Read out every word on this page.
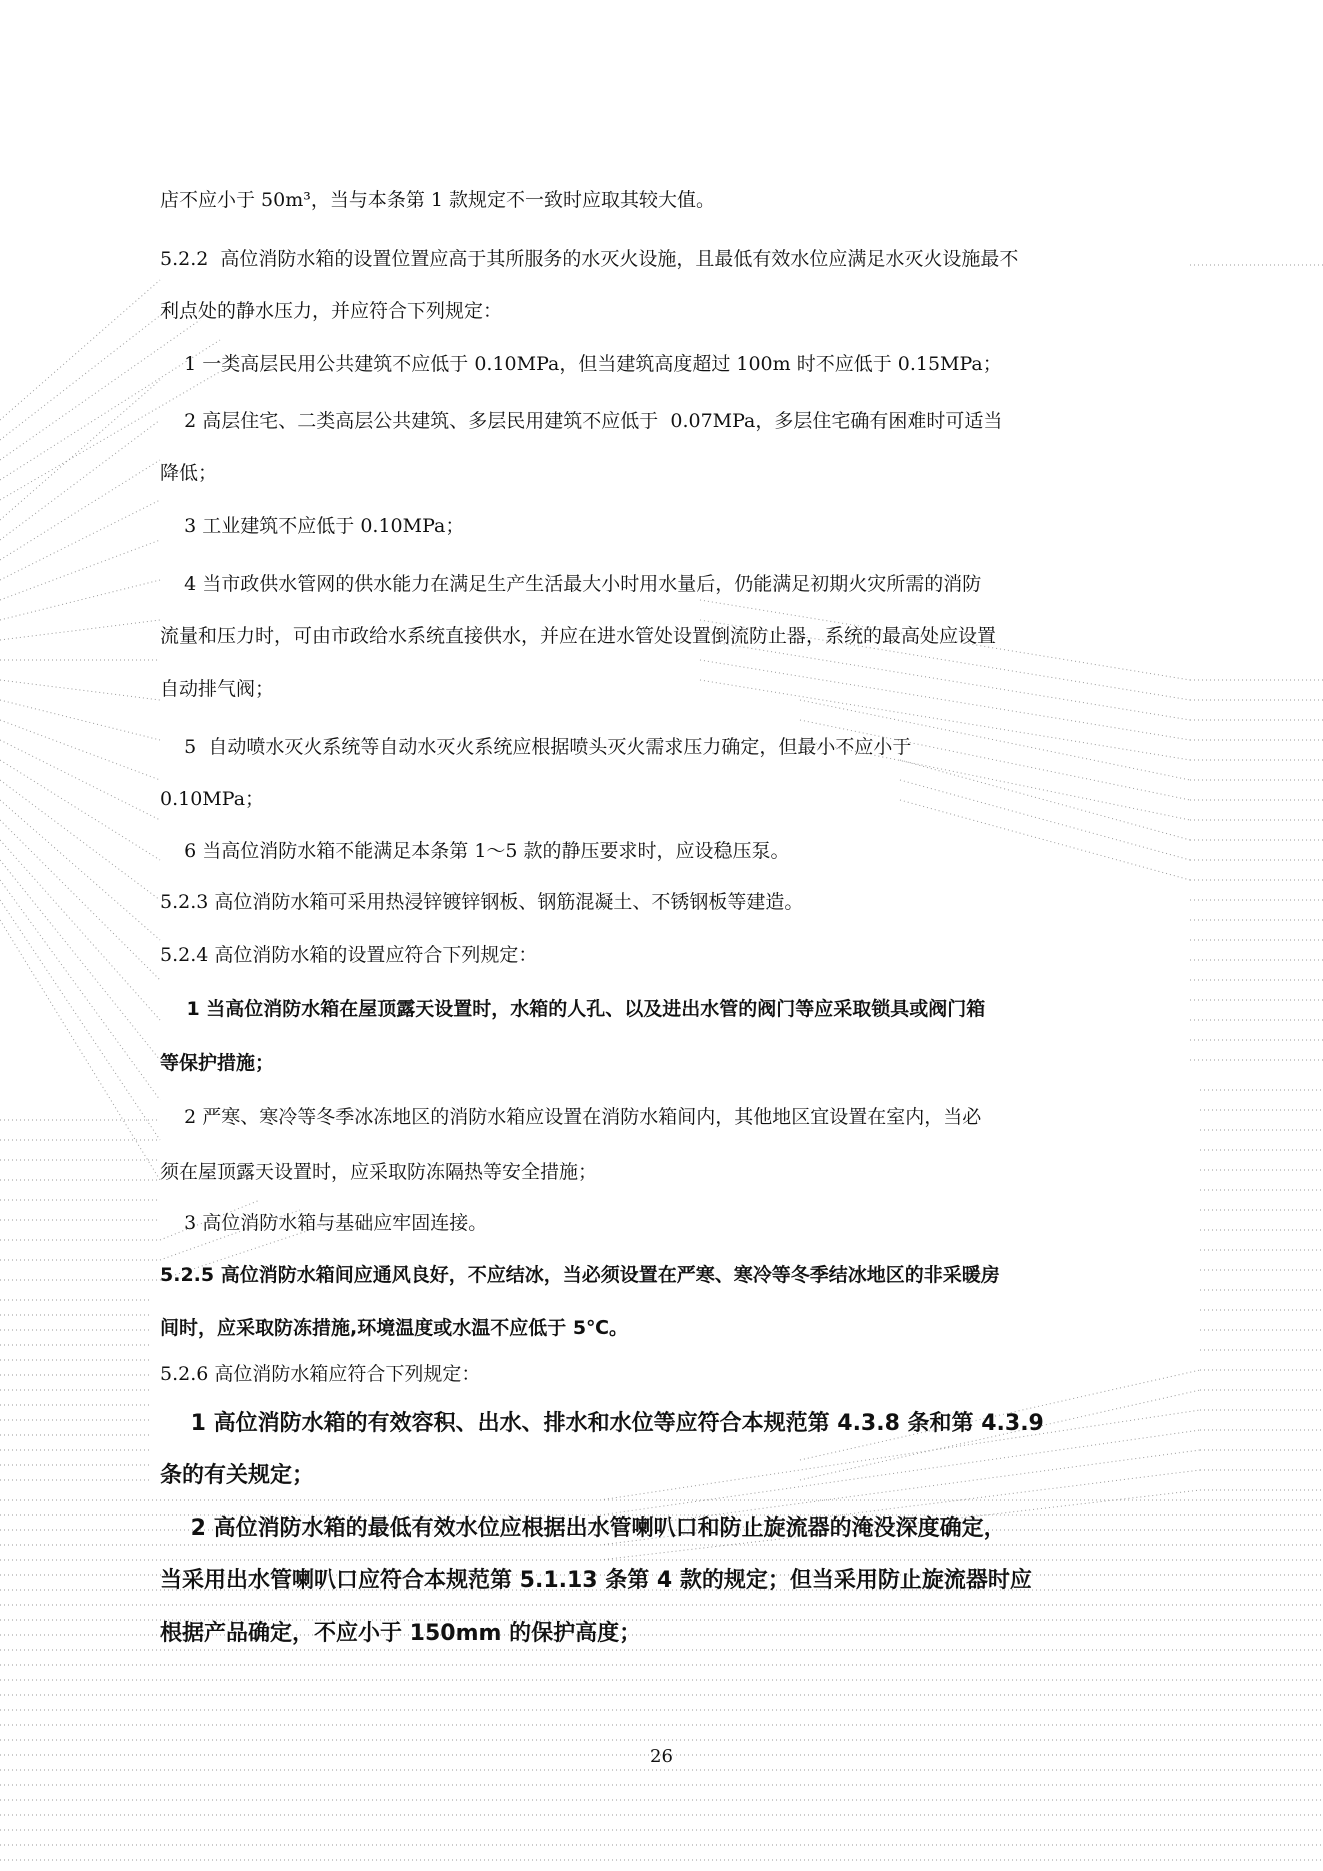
店不应小于 50m³，当与本条第 1 款规定不一致时应取其较大值。

5.2.2  高位消防水箱的设置位置应高于其所服务的水灭火设施，且最低有效水位应满足水灭火设施最不

利点处的静水压力，并应符合下列规定：

1 一类高层民用公共建筑不应低于 0.10MPa，但当建筑高度超过 100m 时不应低于 0.15MPa；

2 高层住宅、二类高层公共建筑、多层民用建筑不应低于  0.07MPa，多层住宅确有困难时可适当

降低；

3 工业建筑不应低于 0.10MPa；

4 当市政供水管网的供水能力在满足生产生活最大小时用水量后，仍能满足初期火灾所需的消防

流量和压力时，可由市政给水系统直接供水，并应在进水管处设置倒流防止器，系统的最高处应设置

自动排气阀；

5  自动喷水灭火系统等自动水灭火系统应根据喷头灭火需求压力确定，但最小不应小于

0.10MPa；

6 当高位消防水箱不能满足本条第 1～5 款的静压要求时，应设稳压泵。

5.2.3 高位消防水箱可采用热浸锌镀锌钢板、钢筋混凝土、不锈钢板等建造。

5.2.4 高位消防水箱的设置应符合下列规定：

1 当高位消防水箱在屋顶露天设置时，水箱的人孔、以及进出水管的阀门等应采取锁具或阀门箱

等保护措施；

2 严寒、寒冷等冬季冰冻地区的消防水箱应设置在消防水箱间内，其他地区宜设置在室内，当必

须在屋顶露天设置时，应采取防冻隔热等安全措施；

3 高位消防水箱与基础应牢固连接。

5.2.5 高位消防水箱间应通风良好，不应结冰，当必须设置在严寒、寒冷等冬季结冰地区的非采暖房

间时，应采取防冻措施,环境温度或水温不应低于 5℃。

5.2.6 高位消防水箱应符合下列规定：

1 高位消防水箱的有效容积、出水、排水和水位等应符合本规范第 4.3.8 条和第 4.3.9

条的有关规定；

2 高位消防水箱的最低有效水位应根据出水管喇叭口和防止旋流器的淹没深度确定，

当采用出水管喇叭口应符合本规范第 5.1.13 条第 4 款的规定；但当采用防止旋流器时应

根据产品确定，不应小于 150mm 的保护高度；

26
